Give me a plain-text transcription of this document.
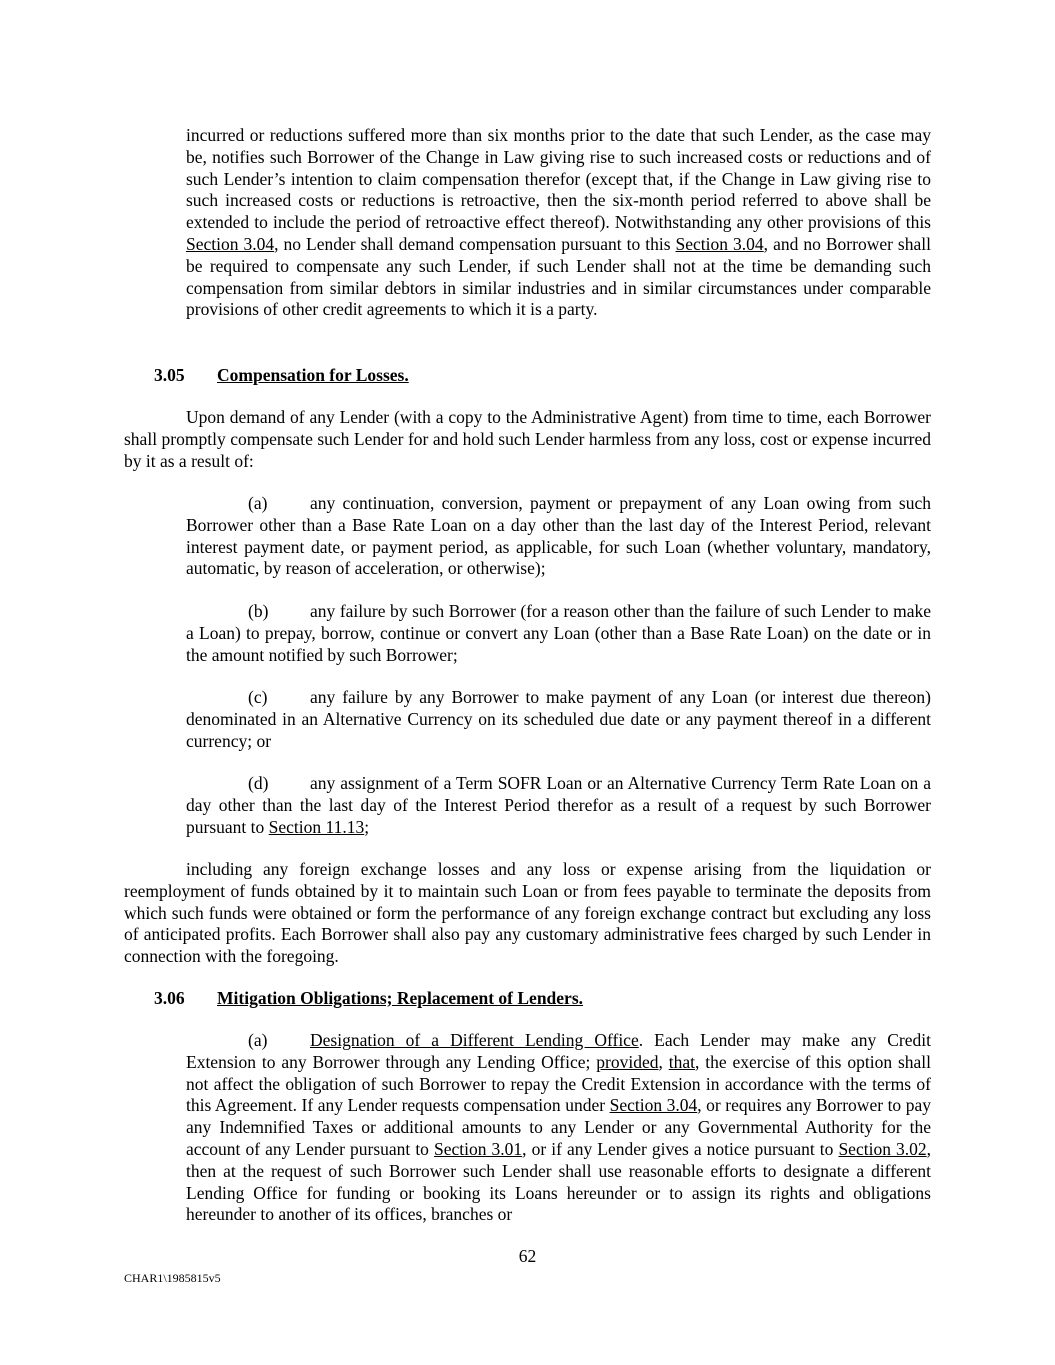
incurred or reductions suffered more than six months prior to the date that such Lender, as the case may be, notifies such Borrower of the Change in Law giving rise to such increased costs or reductions and of such Lender’s intention to claim compensation therefor (except that, if the Change in Law giving rise to such increased costs or reductions is retroactive, then the six-month period referred to above shall be extended to include the period of retroactive effect thereof). Notwithstanding any other provisions of this Section 3.04, no Lender shall demand compensation pursuant to this Section 3.04, and no Borrower shall be required to compensate any such Lender, if such Lender shall not at the time be demanding such compensation from similar debtors in similar industries and in similar circumstances under comparable provisions of other credit agreements to which it is a party.

3.05 Compensation for Losses.

Upon demand of any Lender (with a copy to the Administrative Agent) from time to time, each Borrower shall promptly compensate such Lender for and hold such Lender harmless from any loss, cost or expense incurred by it as a result of:

(a) any continuation, conversion, payment or prepayment of any Loan owing from such Borrower other than a Base Rate Loan on a day other than the last day of the Interest Period, relevant interest payment date, or payment period, as applicable, for such Loan (whether voluntary, mandatory, automatic, by reason of acceleration, or otherwise);

(b) any failure by such Borrower (for a reason other than the failure of such Lender to make a Loan) to prepay, borrow, continue or convert any Loan (other than a Base Rate Loan) on the date or in the amount notified by such Borrower;

(c) any failure by any Borrower to make payment of any Loan (or interest due thereon) denominated in an Alternative Currency on its scheduled due date or any payment thereof in a different currency; or

(d) any assignment of a Term SOFR Loan or an Alternative Currency Term Rate Loan on a day other than the last day of the Interest Period therefor as a result of a request by such Borrower pursuant to Section 11.13;

including any foreign exchange losses and any loss or expense arising from the liquidation or reemployment of funds obtained by it to maintain such Loan or from fees payable to terminate the deposits from which such funds were obtained or form the performance of any foreign exchange contract but excluding any loss of anticipated profits. Each Borrower shall also pay any customary administrative fees charged by such Lender in connection with the foregoing.

3.06 Mitigation Obligations; Replacement of Lenders.

(a) Designation of a Different Lending Office. Each Lender may make any Credit Extension to any Borrower through any Lending Office; provided, that, the exercise of this option shall not affect the obligation of such Borrower to repay the Credit Extension in accordance with the terms of this Agreement. If any Lender requests compensation under Section 3.04, or requires any Borrower to pay any Indemnified Taxes or additional amounts to any Lender or any Governmental Authority for the account of any Lender pursuant to Section 3.01, or if any Lender gives a notice pursuant to Section 3.02, then at the request of such Borrower such Lender shall use reasonable efforts to designate a different Lending Office for funding or booking its Loans hereunder or to assign its rights and obligations hereunder to another of its offices, branches or

62

CHAR1\1985815v5
